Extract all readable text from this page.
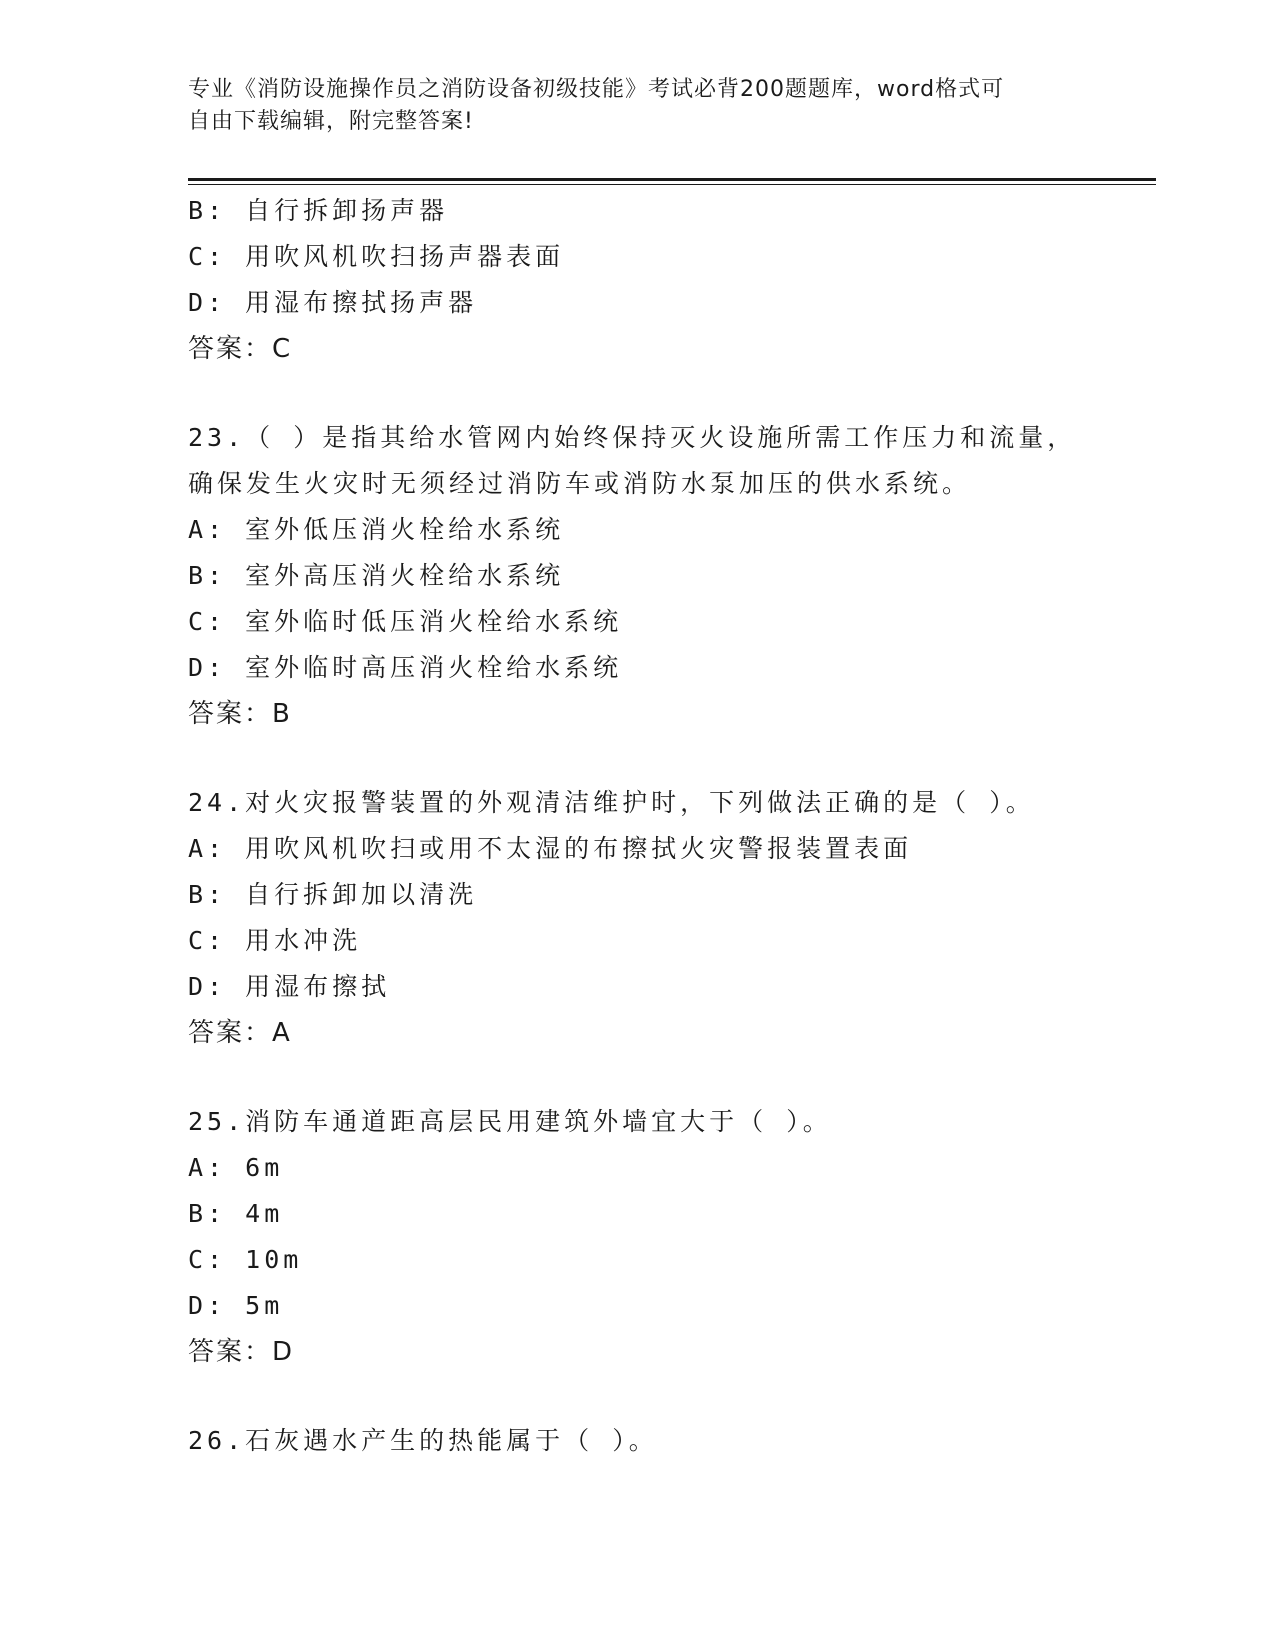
专业《消防设施操作员之消防设备初级技能》考试必背200题题库，word格式可
自由下载编辑，附完整答案!
B: 自行拆卸扬声器
C: 用吹风机吹扫扬声器表面
D: 用湿布擦拭扬声器
答案：C
23.（ ）是指其给水管网内始终保持灭火设施所需工作压力和流量，
确保发生火灾时无须经过消防车或消防水泵加压的供水系统。
A: 室外低压消火栓给水系统
B: 室外高压消火栓给水系统
C: 室外临时低压消火栓给水系统
D: 室外临时高压消火栓给水系统
答案：B
24.对火灾报警装置的外观清洁维护时，下列做法正确的是（ ）。
A: 用吹风机吹扫或用不太湿的布擦拭火灾警报装置表面
B: 自行拆卸加以清洗
C: 用水冲洗
D: 用湿布擦拭
答案：A
25.消防车通道距高层民用建筑外墙宜大于（ ）。
A: 6m
B: 4m
C: 10m
D: 5m
答案：D
26.石灰遇水产生的热能属于（ ）。
